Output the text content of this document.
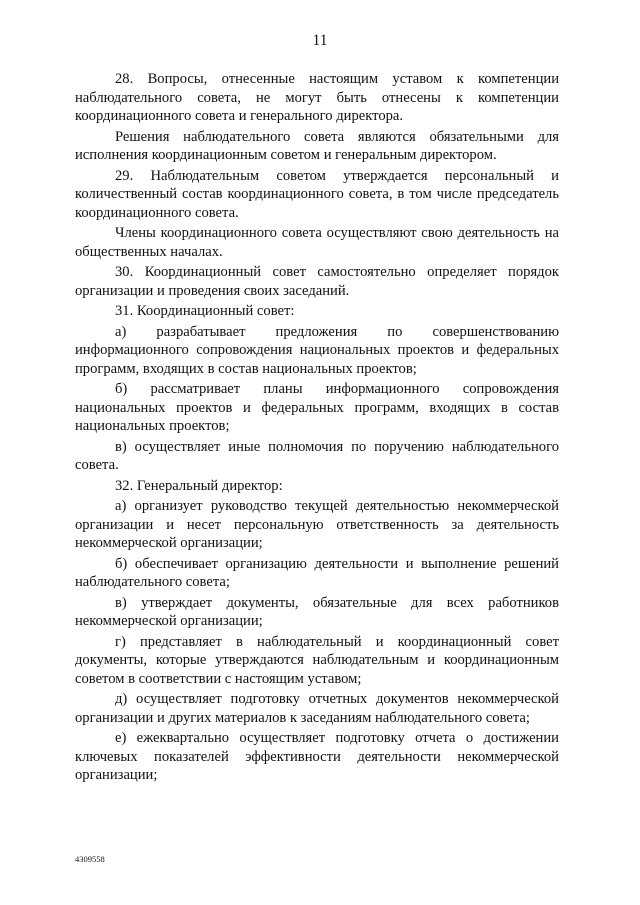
11

28. Вопросы, отнесенные настоящим уставом к компетенции наблюдательного совета, не могут быть отнесены к компетенции координационного совета и генерального директора.

Решения наблюдательного совета являются обязательными для исполнения координационным советом и генеральным директором.

29. Наблюдательным советом утверждается персональный и количественный состав координационного совета, в том числе председатель координационного совета.

Члены координационного совета осуществляют свою деятельность на общественных началах.

30. Координационный совет самостоятельно определяет порядок организации и проведения своих заседаний.

31. Координационный совет:

а) разрабатывает предложения по совершенствованию информационного сопровождения национальных проектов и федеральных программ, входящих в состав национальных проектов;

б) рассматривает планы информационного сопровождения национальных проектов и федеральных программ, входящих в состав национальных проектов;

в) осуществляет иные полномочия по поручению наблюдательного совета.

32. Генеральный директор:

а) организует руководство текущей деятельностью некоммерческой организации и несет персональную ответственность за деятельность некоммерческой организации;

б) обеспечивает организацию деятельности и выполнение решений наблюдательного совета;

в) утверждает документы, обязательные для всех работников некоммерческой организации;

г) представляет в наблюдательный и координационный совет документы, которые утверждаются наблюдательным и координационным советом в соответствии с настоящим уставом;

д) осуществляет подготовку отчетных документов некоммерческой организации и других материалов к заседаниям наблюдательного совета;

е) ежеквартально осуществляет подготовку отчета о достижении ключевых показателей эффективности деятельности некоммерческой организации;

4309558
